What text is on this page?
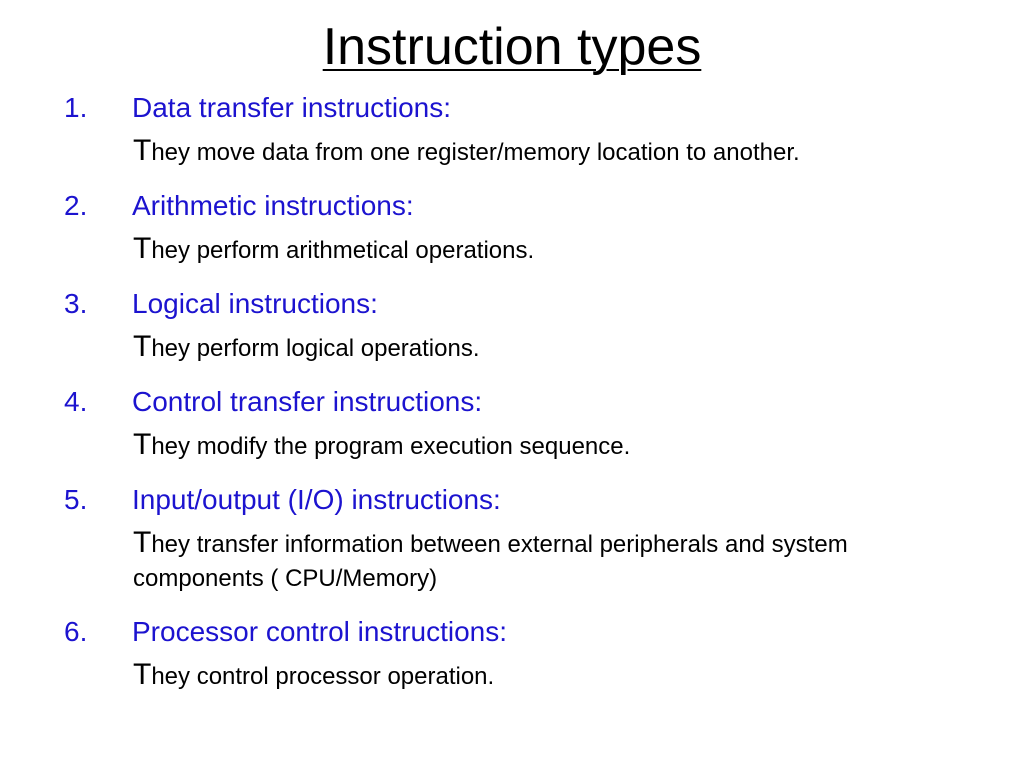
Instruction types
1. Data transfer instructions:
They move data from one register/memory location to another.
2. Arithmetic instructions:
They perform arithmetical operations.
3. Logical instructions:
They perform logical operations.
4. Control transfer instructions:
They modify the program execution sequence.
5. Input/output (I/O) instructions:
They transfer information between external peripherals and system components ( CPU/Memory)
6. Processor control instructions:
They control processor operation.
